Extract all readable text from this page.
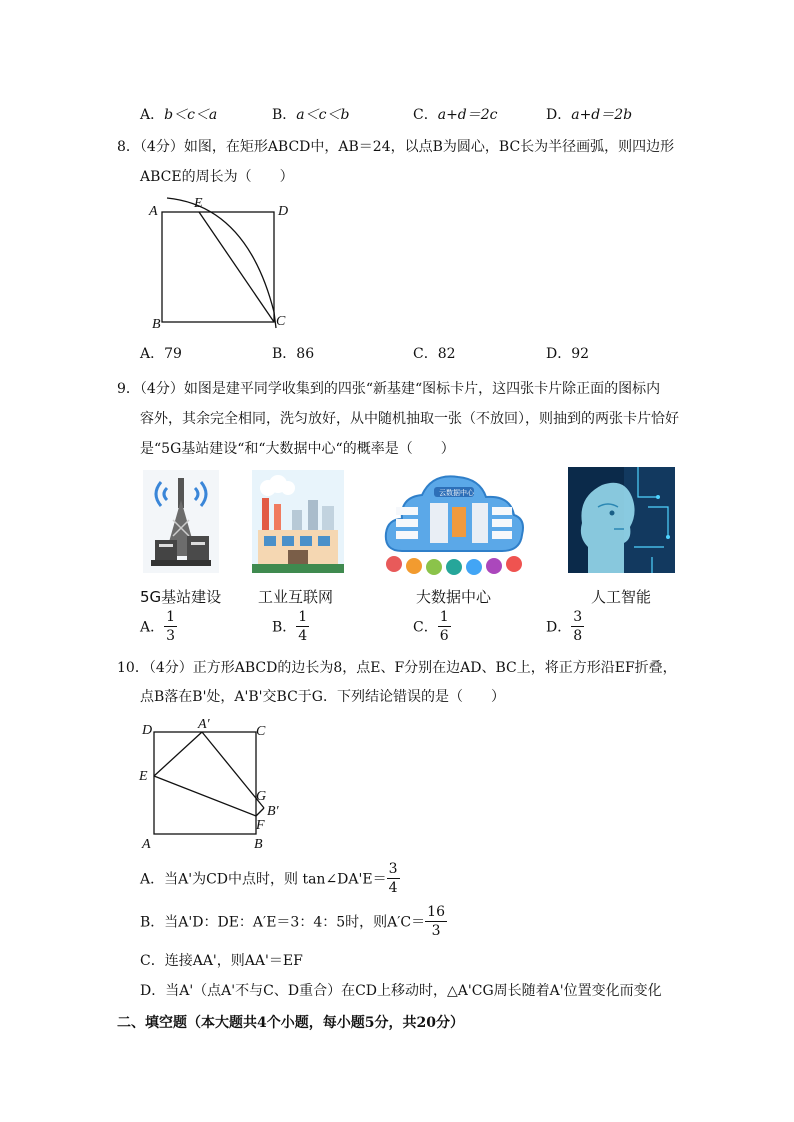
A．b＜c＜a	B．a＜c＜b	C．a+d＝2c	D．a+d＝2b
8．（4分）如图，在矩形ABCD中，AB＝24，以点B为圆心，BC长为半径画弧，则四边形
ABCE的周长为（　　）
A
E
D
B	C
A．79	B．86	C．82	D．92
9．（4分）如图是建平同学收集到的四张“新基建“图标卡片，这四张卡片除正面的图标内
容外，其余完全相同，洗匀放好，从中随机抽取一张（不放回），则抽到的两张卡片恰好
是“5G基站建设“和“大数据中心“的概率是（　　）
云数据中心
5G基站建设 工业互联网	大数据中心	人工智能
A． $\frac{1}{3}$	B． $\frac{1}{4}$	C． $\frac{1}{6}$	D． $\frac{3}{8}$
10．（4分）正方形ABCD的边长为8，点E、F分别在边AD、BC上，将正方形沿EF折叠，
点B落在B'处，A'B'交BC于G．下列结论错误的是（　　）
D	A′	C
E
G
B′
F
A	B
A．当A'为CD中点时，则 tan∠DA'E＝ $\frac{3}{4}$
B．当A'D：DE：A′E＝3：4：5时，则$A'C= \frac{16}{3}$
C．连接AA'，则AA'＝EF
D．当A'（点A'不与C、D重合）在CD上移动时，△A'CG周长随着A'位置变化而变化
二、填空题（本大题共4个小题，每小题5分，共20分）
